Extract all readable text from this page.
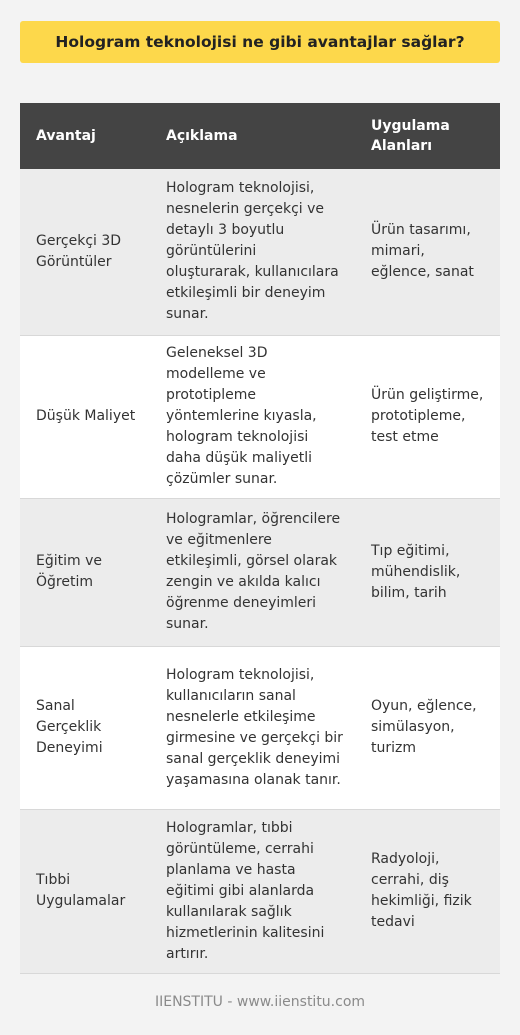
Hologram teknolojisi ne gibi avantajlar sağlar?
Avantaj	Açıklama	Uygulama Alanları
Gerçekçi 3D Görüntüler	Hologram teknolojisi, nesnelerin gerçekçi ve detaylı 3 boyutlu görüntülerini oluşturarak, kullanıcılara etkileşimli bir deneyim sunar.	Ürün tasarımı, mimari, eğlence, sanat
Düşük Maliyet	Geleneksel 3D modelleme ve prototipleme yöntemlerine kıyasla, hologram teknolojisi daha düşük maliyetli çözümler sunar.	Ürün geliştirme, prototipleme, test etme
Eğitim ve Öğretim	Hologramlar, öğrencilere ve eğitmenlere etkileşimli, görsel olarak zengin ve akılda kalıcı öğrenme deneyimleri sunar.	Tıp eğitimi, mühendislik, bilim, tarih
Sanal Gerçeklik Deneyimi	Hologram teknolojisi, kullanıcıların sanal nesnelerle etkileşime girmesine ve gerçekçi bir sanal gerçeklik deneyimi yaşamasına olanak tanır.	Oyun, eğlence, simülasyon, turizm
Tıbbi Uygulamalar	Hologramlar, tıbbi görüntüleme, cerrahi planlama ve hasta eğitimi gibi alanlarda kullanılarak sağlık hizmetlerinin kalitesini artırır.	Radyoloji, cerrahi, diş hekimliği, fizik tedavi
IIENSTITU - www.iienstitu.com
